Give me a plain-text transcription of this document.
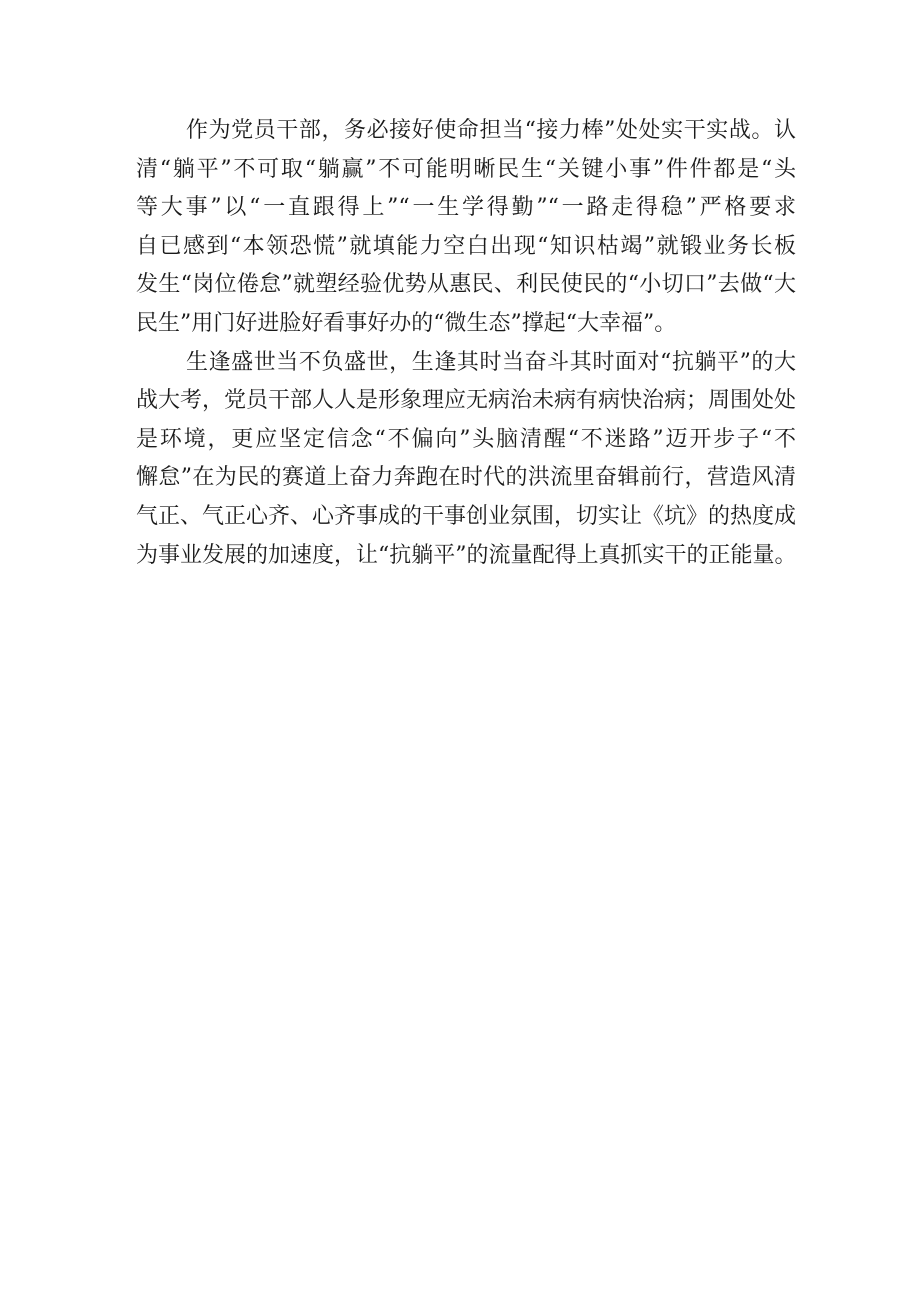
作为党员干部，务必接好使命担当“接力棒”处处实干实战。认
清“躺平”不可取“躺赢”不可能明晰民生“关键小事”件件都是“头
等大事”以“一直跟得上”“一生学得勤”“一路走得稳”严格要求
自已感到“本领恐慌”就填能力空白出现“知识枯竭”就锻业务长板
发生“岗位倦怠”就塑经验优势从惠民、利民使民的“小切口”去做“大
民生”用门好进脸好看事好办的“微生态”撑起“大幸福”。
生逢盛世当不负盛世，生逢其时当奋斗其时面对“抗躺平”的大
战大考，党员干部人人是形象理应无病治未病有病快治病；周围处处
是环境，更应坚定信念“不偏向”头脑清醒“不迷路”迈开步子“不
懈怠”在为民的赛道上奋力奔跑在时代的洪流里奋辑前行，营造风清
气正、气正心齐、心齐事成的干事创业氛围，切实让《坑》的热度成
为事业发展的加速度，让“抗躺平”的流量配得上真抓实干的正能量。
